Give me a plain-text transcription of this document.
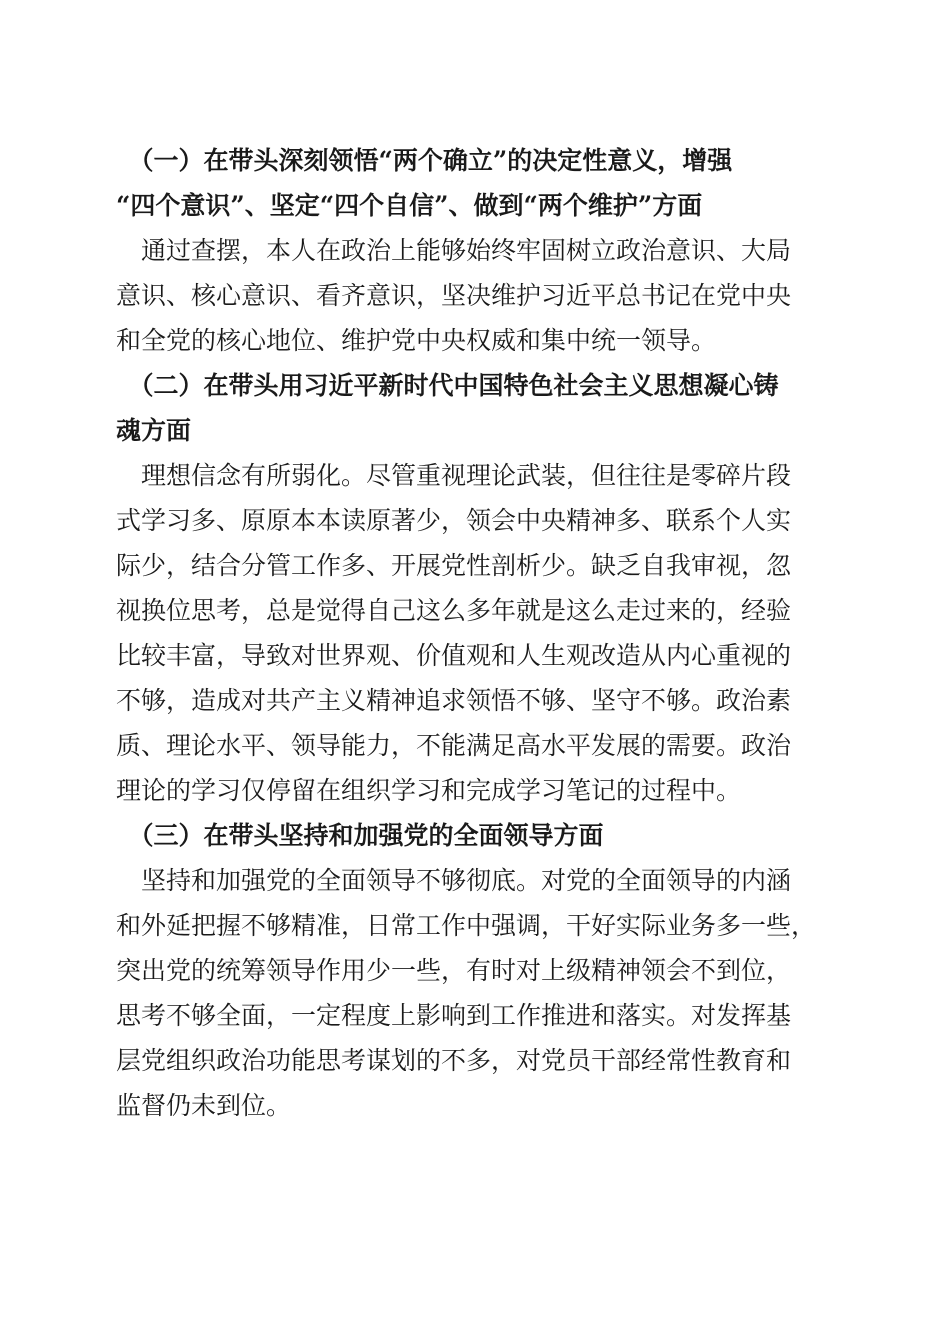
　（一）在带头深刻领悟“两个确立”的决定性意义，增强
“四个意识”、坚定“四个自信”、做到“两个维护”方面
　通过查摆，本人在政治上能够始终牢固树立政治意识、大局
意识、核心意识、看齐意识，坚决维护习近平总书记在党中央
和全党的核心地位、维护党中央权威和集中统一领导。
　（二）在带头用习近平新时代中国特色社会主义思想凝心铸
魂方面
　理想信念有所弱化。尽管重视理论武装，但往往是零碎片段
式学习多、原原本本读原著少，领会中央精神多、联系个人实
际少，结合分管工作多、开展党性剖析少。缺乏自我审视，忽
视换位思考，总是觉得自己这么多年就是这么走过来的，经验
比较丰富，导致对世界观、价值观和人生观改造从内心重视的
不够，造成对共产主义精神追求领悟不够、坚守不够。政治素
质、理论水平、领导能力，不能满足高水平发展的需要。政治
理论的学习仅停留在组织学习和完成学习笔记的过程中。
　（三）在带头坚持和加强党的全面领导方面
　坚持和加强党的全面领导不够彻底。对党的全面领导的内涵
和外延把握不够精准，日常工作中强调，干好实际业务多一些，
突出党的统筹领导作用少一些，有时对上级精神领会不到位，
思考不够全面，一定程度上影响到工作推进和落实。对发挥基
层党组织政治功能思考谋划的不多，对党员干部经常性教育和
监督仍未到位。
